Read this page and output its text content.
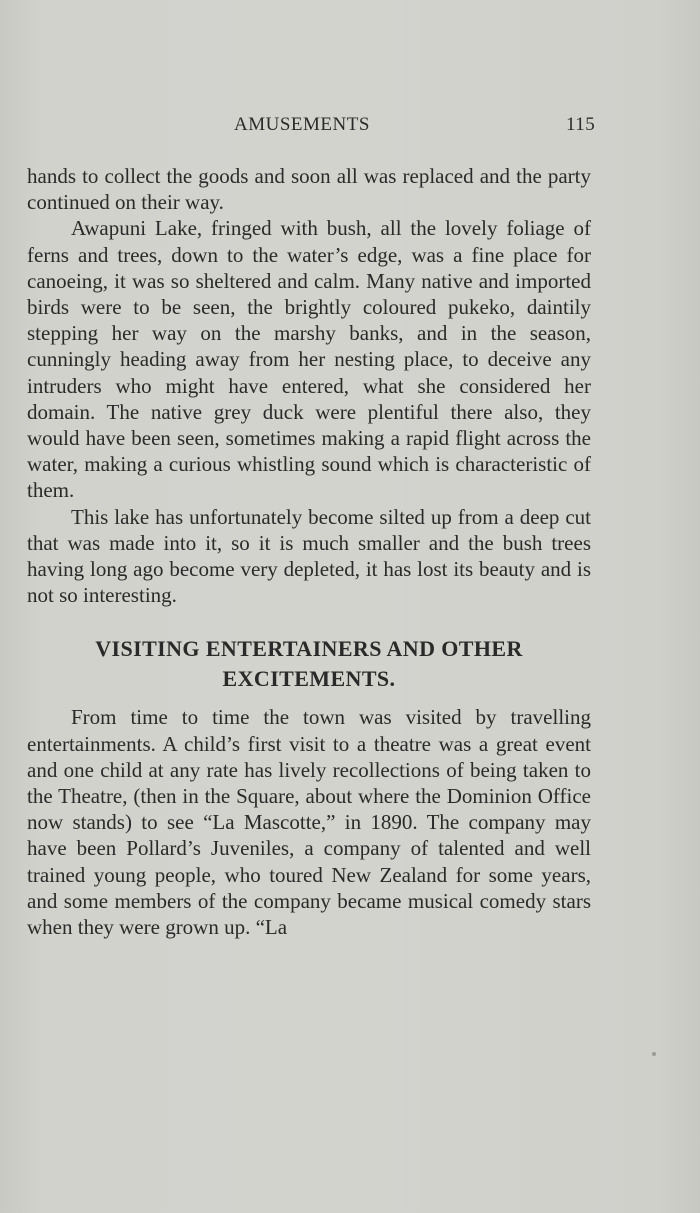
AMUSEMENTS	115

hands to collect the goods and soon all was replaced and the party continued on their way.

Awapuni Lake, fringed with bush, all the lovely foliage of ferns and trees, down to the water’s edge, was a fine place for canoeing, it was so sheltered and calm. Many native and imported birds were to be seen, the brightly coloured pukeko, daintily stepping her way on the marshy banks, and in the season, cunningly heading away from her nesting place, to deceive any intruders who might have entered, what she considered her domain. The native grey duck were plentiful there also, they would have been seen, sometimes making a rapid flight across the water, making a curious whistling sound which is characteristic of them.

This lake has unfortunately become silted up from a deep cut that was made into it, so it is much smaller and the bush trees having long ago become very depleted, it has lost its beauty and is not so interesting.

VISITING ENTERTAINERS AND OTHER
EXCITEMENTS.

From time to time the town was visited by travelling entertainments. A child’s first visit to a theatre was a great event and one child at any rate has lively recollections of being taken to the Theatre, (then in the Square, about where the Dominion Office now stands) to see “La Mascotte,” in 1890. The company may have been Pollard’s Juveniles, a company of talented and well trained young people, who toured New Zealand for some years, and some members of the company became musical comedy stars when they were grown up. “La
